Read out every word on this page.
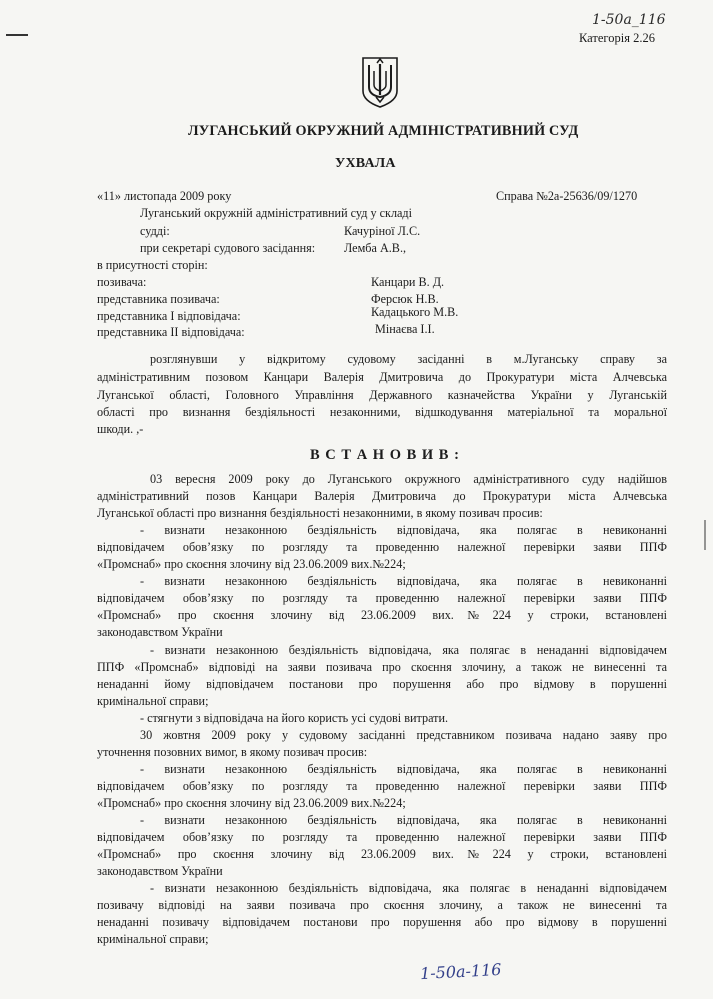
1-50а_116
Категорія 2.26
ЛУГАНСЬКИЙ ОКРУЖНИЙ АДМІНІСТРАТИВНИЙ СУД
УХВАЛА
«11» листопада 2009 року	Справа №2а-25636/09/1270
Луганський окружній адміністративний суд у складі
судді:	Качуріної Л.С.
при секретарі судового засідання: Лемба А.В.,
в присутності сторін:
позивача:	Канцари В. Д.
представника позивача:	Ферсюк Н.В.
представника І відповідача:	Кадацького М.В.
представника ІІ відповідача:	Мінаєва І.І.
розглянувши у відкритому судовому засіданні в м.Луганську справу за
адміністративним позовом Канцари Валерія Дмитровича до Прокуратури міста Алчевська
Луганської області, Головного Управління Державного казначейства України у Луганській
області про визнання бездіяльності незаконними, відшкодування матеріальної та моральної
шкоди. ,-
В С Т А Н О В И В :
03 вересня 2009 року до Луганського окружного адміністративного суду надійшов
адміністративний позов Канцари Валерія Дмитровича до Прокуратури міста Алчевська
Луганської області про визнання бездіяльності незаконними, в якому позивач просив:
- визнати незаконною бездіяльність відповідача, яка полягає в невиконанні
відповідачем обов’язку по розгляду та проведенню належної перевірки заяви ППФ
«Промснаб» про скоєння злочину від 23.06.2009 вих.№224;
- визнати незаконною бездіяльність відповідача, яка полягає в невиконанні
відповідачем обов’язку по розгляду та проведенню належної перевірки заяви ППФ
«Промснаб» про скоєння злочину від 23.06.2009 вих.№224 у строки, встановлені
законодавством України
- визнати незаконною бездіяльність відповідача, яка полягає в ненаданні відповідачем
ППФ «Промснаб» відповіді на заяви позивача про скоєння злочину, а також не винесенні та
ненаданні йому відповідачем постанови про порушення або про відмову в порушенні
кримінальної справи;
- стягнути з відповідача на його користь усі судові витрати.
30 жовтня 2009 року у судовому засіданні представником позивача надано заяву про
уточнення позовних вимог, в якому позивач просив:
- визнати незаконною бездіяльність відповідача, яка полягає в невиконанні
відповідачем обов’язку по розгляду та проведенню належної перевірки заяви ППФ
«Промснаб» про скоєння злочину від 23.06.2009 вих.№224;
- визнати незаконною бездіяльність відповідача, яка полягає в невиконанні
відповідачем обов’язку по розгляду та проведенню належної перевірки заяви ППФ
«Промснаб» про скоєння злочину від 23.06.2009 вих.№224 у строки, встановлені
законодавством України
- визнати незаконною бездіяльність відповідача, яка полягає в ненаданні відповідачем
позивачу відповіді на заяви позивача про скоєння злочину, а також не винесенні та
ненаданні позивачу відповідачем постанови про порушення або про відмову в порушенні
кримінальної справи;
1-50а-116
